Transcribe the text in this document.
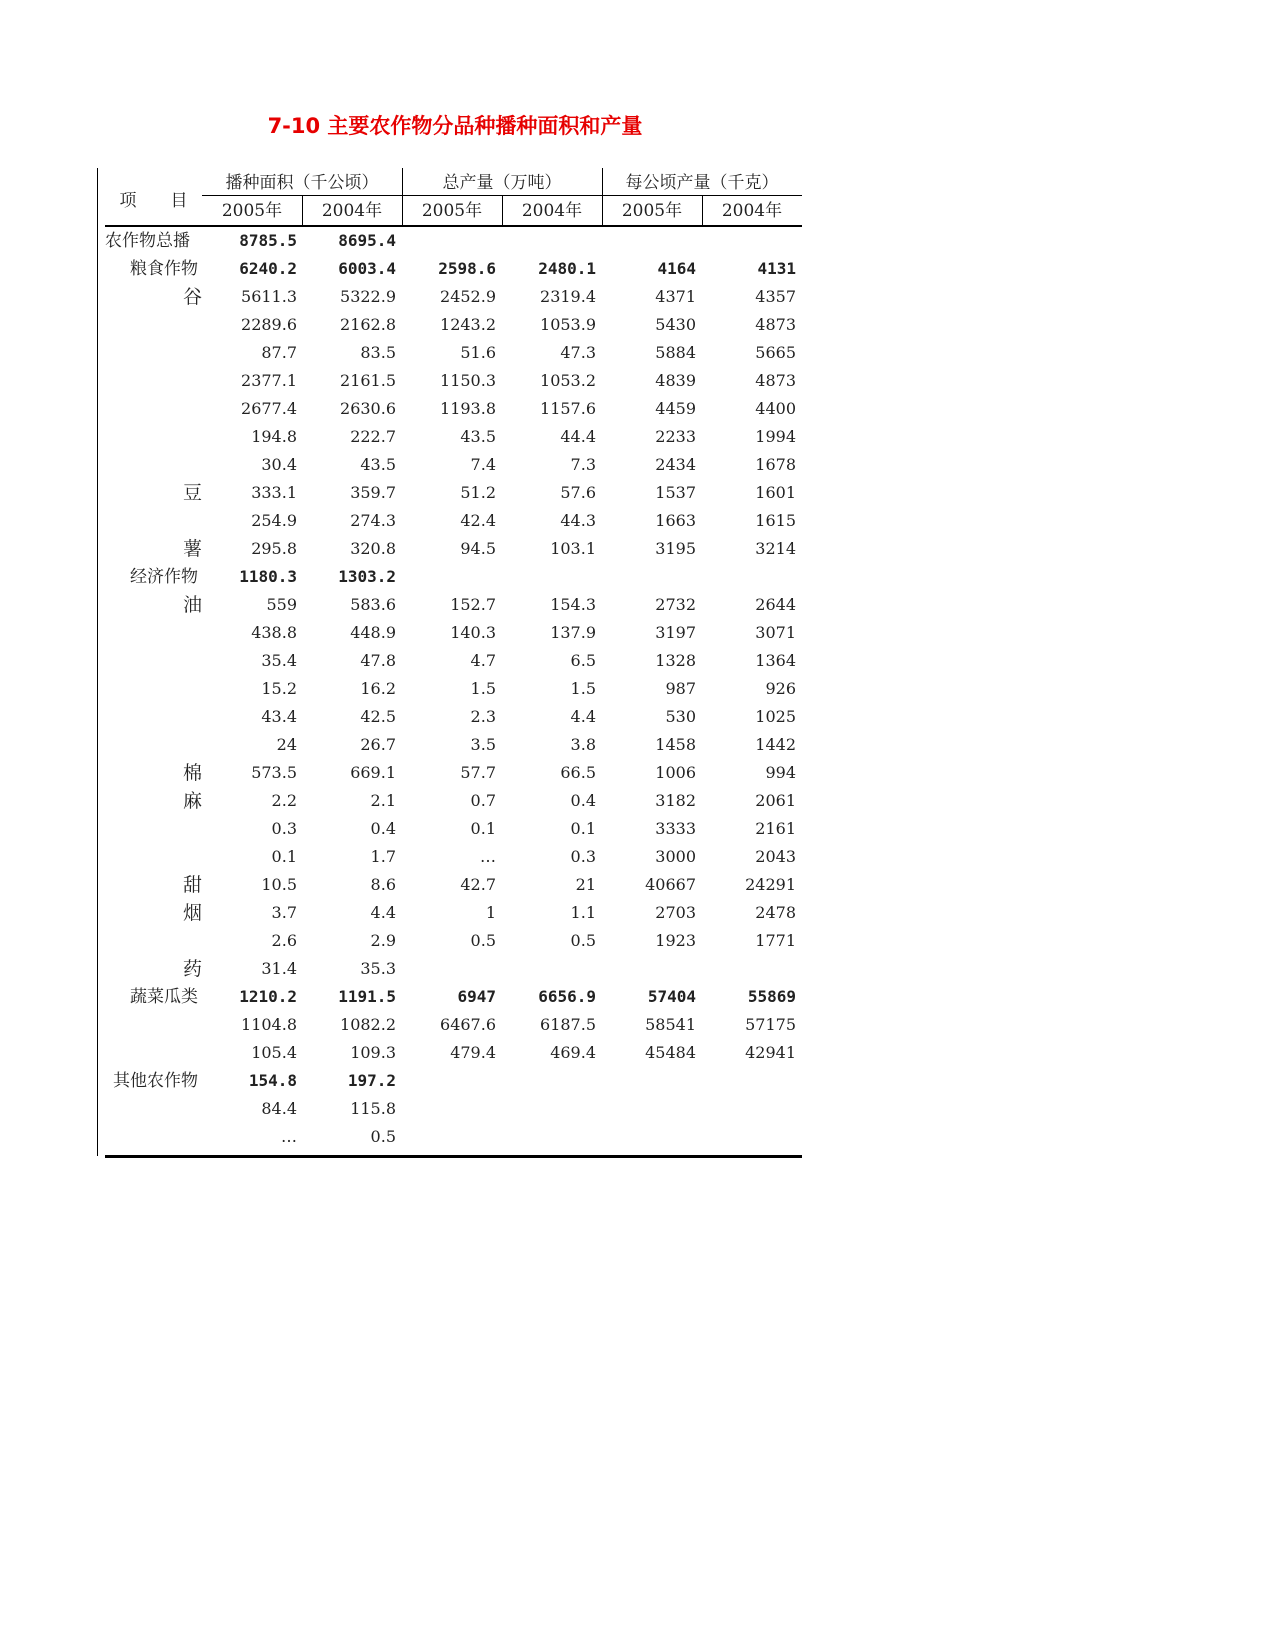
7-10 主要农作物分品种播种面积和产量
项　　目
播种面积（千公顷）	总产量（万吨）	每公顷产量（千克）
2005年	2004年	2005年	2004年	2005年	2004年
农作物总播	8785.5	8695.4
粮食作物	6240.2	6003.4	2598.6	2480.1	4164	4131
谷	5611.3	5322.9	2452.9	2319.4	4371	4357
2289.6	2162.8	1243.2	1053.9	5430	4873
87.7	83.5	51.6	47.3	5884	5665
2377.1	2161.5	1150.3	1053.2	4839	4873
2677.4	2630.6	1193.8	1157.6	4459	4400
194.8	222.7	43.5	44.4	2233	1994
30.4	43.5	7.4	7.3	2434	1678
豆	333.1	359.7	51.2	57.6	1537	1601
254.9	274.3	42.4	44.3	1663	1615
薯	295.8	320.8	94.5	103.1	3195	3214
经济作物	1180.3	1303.2
油	559	583.6	152.7	154.3	2732	2644
438.8	448.9	140.3	137.9	3197	3071
35.4	47.8	4.7	6.5	1328	1364
15.2	16.2	1.5	1.5	987	926
43.4	42.5	2.3	4.4	530	1025
24	26.7	3.5	3.8	1458	1442
棉	573.5	669.1	57.7	66.5	1006	994
麻	2.2	2.1	0.7	0.4	3182	2061
0.3	0.4	0.1	0.1	3333	2161
0.1	1.7	…	0.3	3000	2043
甜	10.5	8.6	42.7	21	40667	24291
烟	3.7	4.4	1	1.1	2703	2478
2.6	2.9	0.5	0.5	1923	1771
药	31.4	35.3
蔬菜瓜类	1210.2	1191.5	6947	6656.9	57404	55869
1104.8	1082.2	6467.6	6187.5	58541	57175
105.4	109.3	479.4	469.4	45484	42941
其他农作物	154.8	197.2
84.4	115.8
…	0.5
